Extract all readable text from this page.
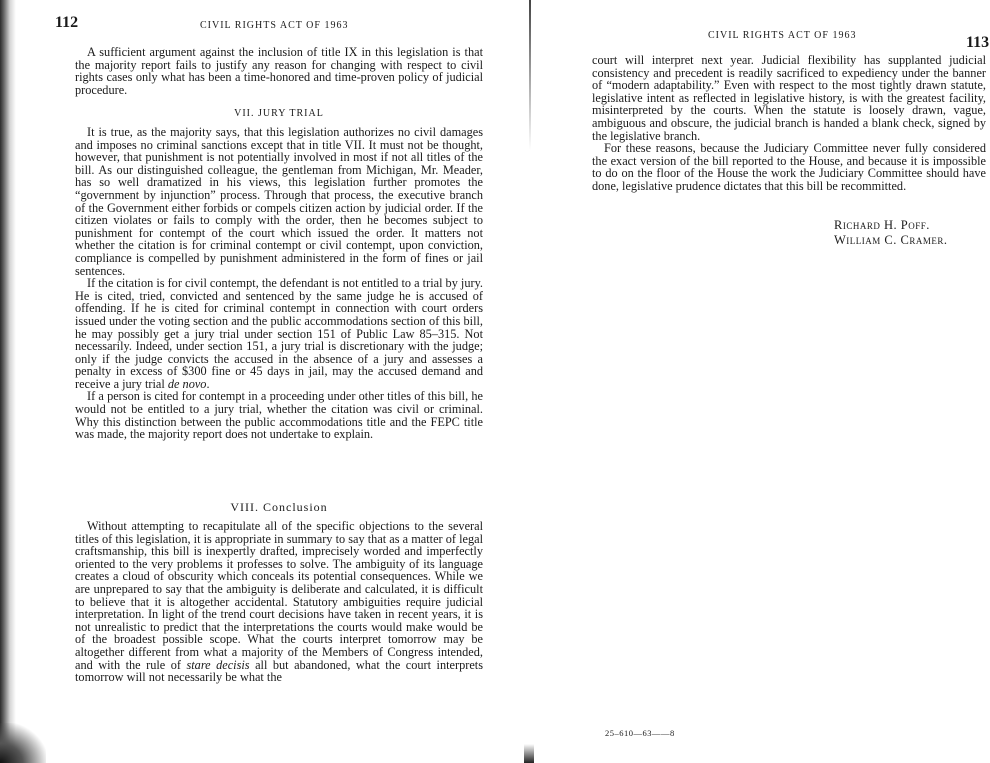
112	CIVIL RIGHTS ACT OF 1963

A sufficient argument against the inclusion of title IX in this legislation is that the majority report fails to justify any reason for changing with respect to civil rights cases only what has been a time-honored and time-proven policy of judicial procedure.

VII. JURY TRIAL

It is true, as the majority says, that this legislation authorizes no civil damages and imposes no criminal sanctions except that in title VII. It must not be thought, however, that punishment is not potentially involved in most if not all titles of the bill. As our distinguished colleague, the gentleman from Michigan, Mr. Meader, has so well dramatized in his views, this legislation further promotes the “government by injunction” process. Through that process, the executive branch of the Government either forbids or compels citizen action by judicial order. If the citizen violates or fails to comply with the order, then he becomes subject to punishment for contempt of the court which issued the order. It matters not whether the citation is for criminal contempt or civil contempt, upon conviction, compliance is compelled by punishment administered in the form of fines or jail sentences.

If the citation is for civil contempt, the defendant is not entitled to a trial by jury. He is cited, tried, convicted and sentenced by the same judge he is accused of offending. If he is cited for criminal contempt in connection with court orders issued under the voting section and the public accommodations section of this bill, he may possibly get a jury trial under section 151 of Public Law 85–315. Not necessarily. Indeed, under section 151, a jury trial is discretionary with the judge; only if the judge convicts the accused in the absence of a jury and assesses a penalty in excess of $300 fine or 45 days in jail, may the accused demand and receive a jury trial de novo.

If a person is cited for contempt in a proceeding under other titles of this bill, he would not be entitled to a jury trial, whether the citation was civil or criminal. Why this distinction between the public accommodations title and the FEPC title was made, the majority report does not undertake to explain.

VIII. Conclusion

Without attempting to recapitulate all of the specific objections to the several titles of this legislation, it is appropriate in summary to say that as a matter of legal craftsmanship, this bill is inexpertly drafted, imprecisely worded and imperfectly oriented to the very problems it professes to solve. The ambiguity of its language creates a cloud of obscurity which conceals its potential consequences. While we are unprepared to say that the ambiguity is deliberate and calculated, it is difficult to believe that it is altogether accidental. Statutory ambiguities require judicial interpretation. In light of the trend court decisions have taken in recent years, it is not unrealistic to predict that the interpretations the courts would make would be of the broadest possible scope. What the courts interpret tomorrow may be altogether different from what a majority of the Members of Congress intended, and with the rule of stare decisis all but abandoned, what the court interprets tomorrow will not necessarily be what the

CIVIL RIGHTS ACT OF 1963	113

court will interpret next year. Judicial flexibility has supplanted judicial consistency and precedent is readily sacrificed to expediency under the banner of “modern adaptability.” Even with respect to the most tightly drawn statute, legislative intent as reflected in legislative history, is with the greatest facility, misinterpreted by the courts. When the statute is loosely drawn, vague, ambiguous and obscure, the judicial branch is handed a blank check, signed by the legislative branch.

For these reasons, because the Judiciary Committee never fully considered the exact version of the bill reported to the House, and because it is impossible to do on the floor of the House the work the Judiciary Committee should have done, legislative prudence dictates that this bill be recommitted.

Richard H. Poff.
William C. Cramer.
25–610—63——8
